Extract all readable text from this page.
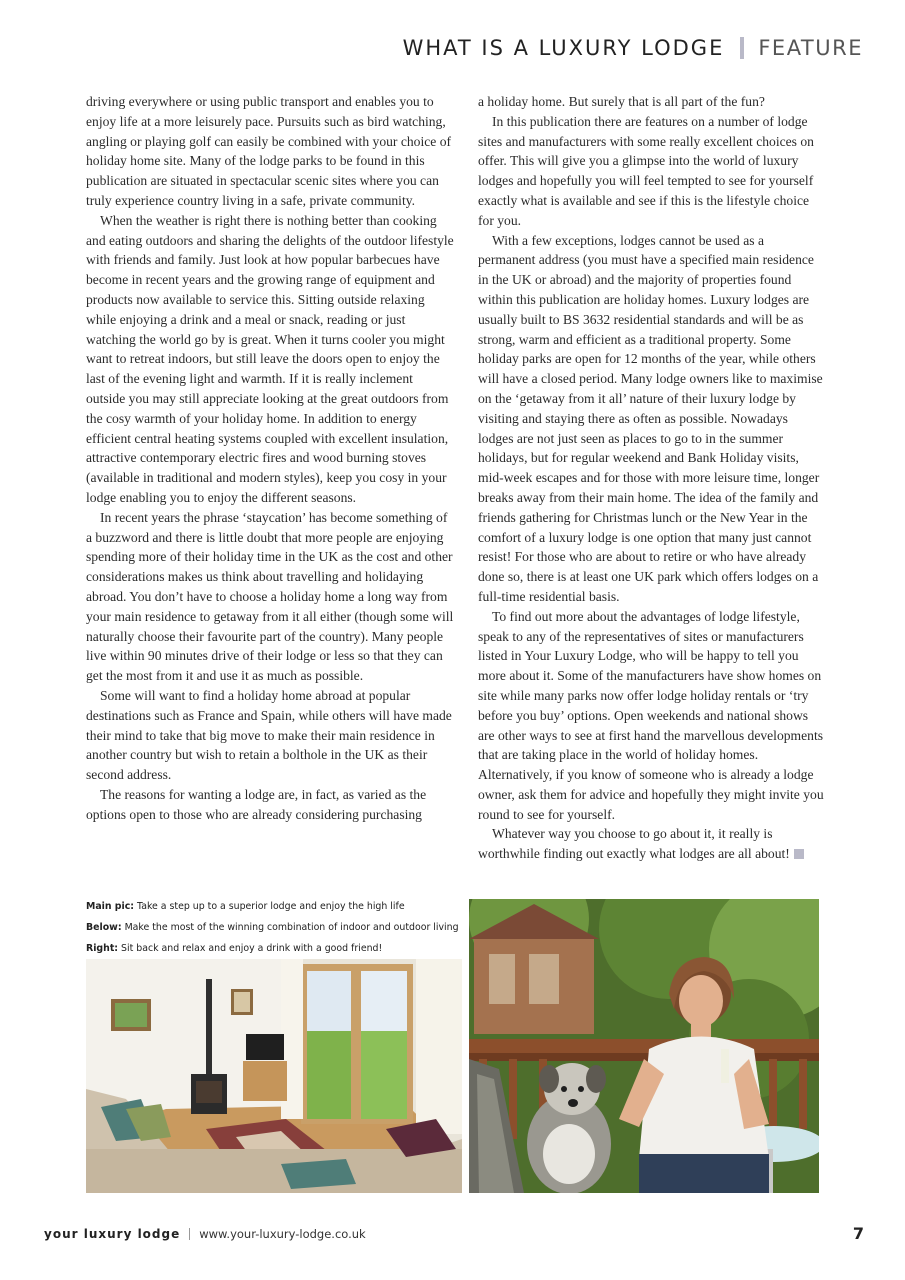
WHAT IS A LUXURY LODGE FEATURE

driving everywhere or using public transport and enables you to enjoy life at a more leisurely pace. Pursuits such as bird watching, angling or playing golf can easily be combined with your choice of holiday home site. Many of the lodge parks to be found in this publication are situated in spectacular scenic sites where you can truly experience country living in a safe, private community.

When the weather is right there is nothing better than cooking and eating outdoors and sharing the delights of the outdoor lifestyle with friends and family. Just look at how popular barbecues have become in recent years and the growing range of equipment and products now available to service this. Sitting outside relaxing while enjoying a drink and a meal or snack, reading or just watching the world go by is great. When it turns cooler you might want to retreat indoors, but still leave the doors open to enjoy the last of the evening light and warmth. If it is really inclement outside you may still appreciate looking at the great outdoors from the cosy warmth of your holiday home. In addition to energy efficient central heating systems coupled with excellent insulation, attractive contemporary electric fires and wood burning stoves (available in traditional and modern styles), keep you cosy in your lodge enabling you to enjoy the different seasons.

In recent years the phrase ‘staycation’ has become something of a buzzword and there is little doubt that more people are enjoying spending more of their holiday time in the UK as the cost and other considerations makes us think about travelling and holidaying abroad. You don’t have to choose a holiday home a long way from your main residence to getaway from it all either (though some will naturally choose their favourite part of the country). Many people live within 90 minutes drive of their lodge or less so that they can get the most from it and use it as much as possible.

Some will want to find a holiday home abroad at popular destinations such as France and Spain, while others will have made their mind to take that big move to make their main residence in another country but wish to retain a bolthole in the UK as their second address.

The reasons for wanting a lodge are, in fact, as varied as the options open to those who are already considering purchasing

a holiday home. But surely that is all part of the fun?

In this publication there are features on a number of lodge sites and manufacturers with some really excellent choices on offer. This will give you a glimpse into the world of luxury lodges and hopefully you will feel tempted to see for yourself exactly what is available and see if this is the lifestyle choice for you.

With a few exceptions, lodges cannot be used as a permanent address (you must have a specified main residence in the UK or abroad) and the majority of properties found within this publication are holiday homes. Luxury lodges are usually built to BS 3632 residential standards and will be as strong, warm and efficient as a traditional property. Some holiday parks are open for 12 months of the year, while others will have a closed period. Many lodge owners like to maximise on the ‘getaway from it all’ nature of their luxury lodge by visiting and staying there as often as possible. Nowadays lodges are not just seen as places to go to in the summer holidays, but for regular weekend and Bank Holiday visits, mid-week escapes and for those with more leisure time, longer breaks away from their main home. The idea of the family and friends gathering for Christmas lunch or the New Year in the comfort of a luxury lodge is one option that many just cannot resist! For those who are about to retire or who have already done so, there is at least one UK park which offers lodges on a full-time residential basis.

To find out more about the advantages of lodge lifestyle, speak to any of the representatives of sites or manufacturers listed in Your Luxury Lodge, who will be happy to tell you more about it. Some of the manufacturers have show homes on site while many parks now offer lodge holiday rentals or ‘try before you buy’ options. Open weekends and national shows are other ways to see at first hand the marvellous developments that are taking place in the world of holiday homes. Alternatively, if you know of someone who is already a lodge owner, ask them for advice and hopefully they might invite you round to see for yourself.

Whatever way you choose to go about it, it really is worthwhile finding out exactly what lodges are all about!

Main pic: Take a step up to a superior lodge and enjoy the high life
Below: Make the most of the winning combination of indoor and outdoor living
Right: Sit back and relax and enjoy a drink with a good friend!
your luxury lodge www.your-luxury-lodge.co.uk	7
